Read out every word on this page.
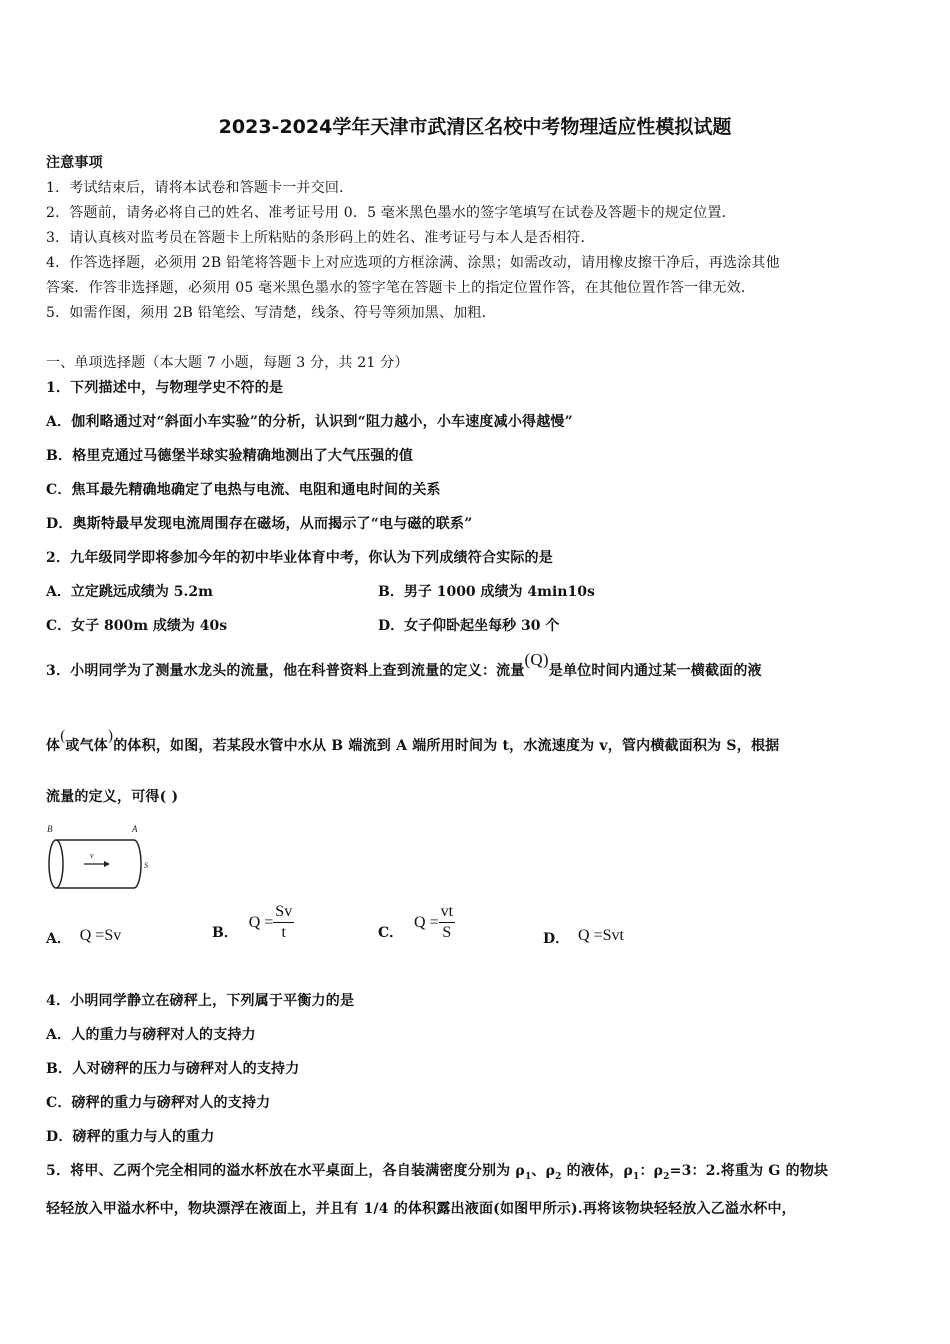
2023-2024学年天津市武清区名校中考物理适应性模拟试题
注意事项
1．考试结束后，请将本试卷和答题卡一并交回．
2．答题前，请务必将自己的姓名、准考证号用 0．5 毫米黑色墨水的签字笔填写在试卷及答题卡的规定位置．
3．请认真核对监考员在答题卡上所粘贴的条形码上的姓名、准考证号与本人是否相符．
4．作答选择题，必须用 2B 铅笔将答题卡上对应选项的方框涂满、涂黑；如需改动，请用橡皮擦干净后，再选涂其他
答案．作答非选择题，必须用 05 毫米黑色墨水的签字笔在答题卡上的指定位置作答，在其他位置作答一律无效．
5．如需作图，须用 2B 铅笔绘、写清楚，线条、符号等须加黑、加粗．
一、单项选择题（本大题 7 小题，每题 3 分，共 21 分）
1．下列描述中，与物理学史不符的是
A．伽利略通过对“斜面小车实验”的分析，认识到“阻力越小，小车速度减小得越慢”
B．格里克通过马德堡半球实验精确地测出了大气压强的值
C．焦耳最先精确地确定了电热与电流、电阻和通电时间的关系
D．奥斯特最早发现电流周围存在磁场，从而揭示了“电与磁的联系”
2．九年级同学即将参加今年的初中毕业体育中考，你认为下列成绩符合实际的是
A．立定跳远成绩为 5.2m	B．男子 1000 成绩为 4min10s
C．女子 800m 成绩为 40s	D．女子仰卧起坐每秒 30 个
3．小明同学为了测量水龙头的流量，他在科普资料上查到流量的定义：流量(Q)是单位时间内通过某一横截面的液
体(或气体)的体积，如图，若某段水管中水从 B 端流到 A 端所用时间为 t，水流速度为 v，管内横截面积为 S，根据
流量的定义，可得( )
B	A
v
S
A． Q =Sv	B． $Q = \frac{Sv}{t}$	C． $Q = \frac{vt}{S}$	D． Q =Svt
4．小明同学静立在磅秤上，下列属于平衡力的是
A．人的重力与磅秤对人的支持力
B．人对磅秤的压力与磅秤对人的支持力
C．磅秤的重力与磅秤对人的支持力
D．磅秤的重力与人的重力
5．将甲、乙两个完全相同的溢水杯放在水平桌面上，各自装满密度分别为 $\rho_1$、$\rho_2$ 的液体，$\rho_1$：$\rho_2=3$：2.将重为 G 的物块
轻轻放入甲溢水杯中，物块漂浮在液面上，并且有 1/4 的体积露出液面(如图甲所示).再将该物块轻轻放入乙溢水杯中，
